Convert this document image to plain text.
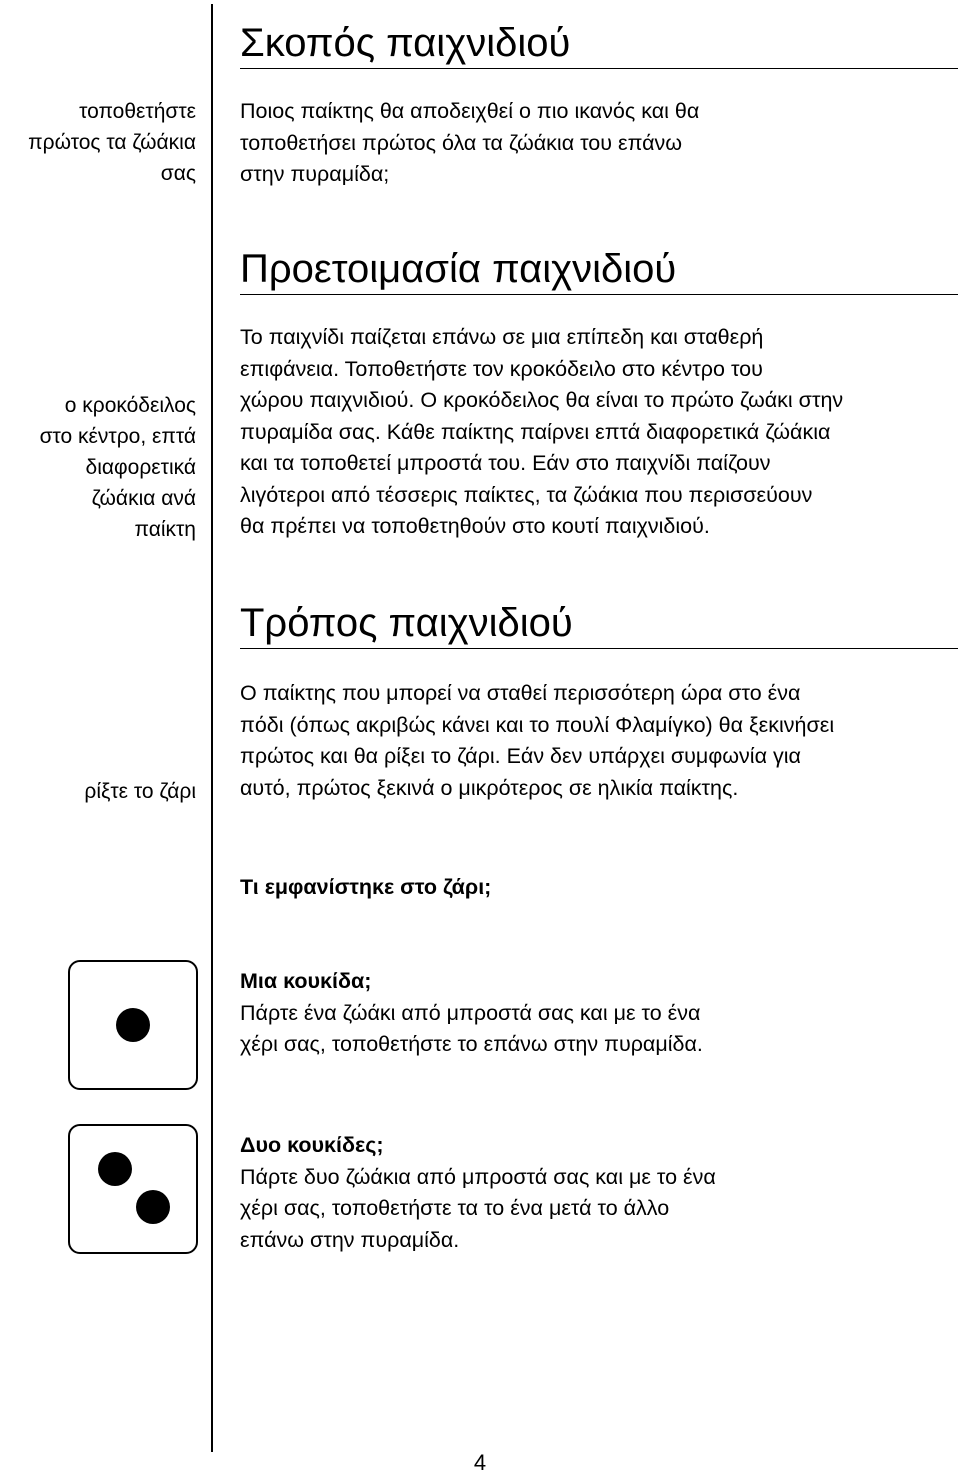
Σκοπός παιχνιδιού
τοποθετήστε
πρώτος τα ζώάκια
σας
Ποιος παίκτης θα αποδειχθεί ο πιο ικανός και θα
τοποθετήσει πρώτος όλα τα ζώάκια του επάνω
στην πυραμίδα;
Προετοιμασία παιχνιδιού
ο κροκόδειλος
στο κέντρο, επτά
διαφορετικά
ζώάκια ανά
παίκτη
Το παιχνίδι παίζεται επάνω σε μια επίπεδη και σταθερή
επιφάνεια. Τοποθετήστε τον κροκόδειλο στο κέντρο του
χώρου παιχνιδιού. Ο κροκόδειλος θα είναι το πρώτο ζωάκι στην
πυραμίδα σας. Κάθε παίκτης παίρνει επτά διαφορετικά ζώάκια
και τα τοποθετεί μπροστά του. Εάν στο παιχνίδι παίζουν
λιγότεροι από τέσσερις παίκτες, τα ζώάκια που περισσεύουν
θα πρέπει να τοποθετηθούν στο κουτί παιχνιδιού.
Τρόπος παιχνιδιού
ρίξτε το ζάρι
Ο παίκτης που μπορεί να σταθεί περισσότερη ώρα στο ένα
πόδι (όπως ακριβώς κάνει και το πουλί Φλαμίγκο) θα ξεκινήσει
πρώτος και θα ρίξει το ζάρι. Εάν δεν υπάρχει συμφωνία για
αυτό, πρώτος ξεκινά ο μικρότερος σε ηλικία παίκτης.
Τι εμφανίστηκε στο ζάρι;
Μια κουκίδα;
Πάρτε ένα ζώάκι από μπροστά σας και με το ένα
χέρι σας, τοποθετήστε το επάνω στην πυραμίδα.
Δυο κουκίδες;
Πάρτε δυο ζώάκια από μπροστά σας και με το ένα
χέρι σας, τοποθετήστε τα το ένα μετά το άλλο
επάνω στην πυραμίδα.
4
